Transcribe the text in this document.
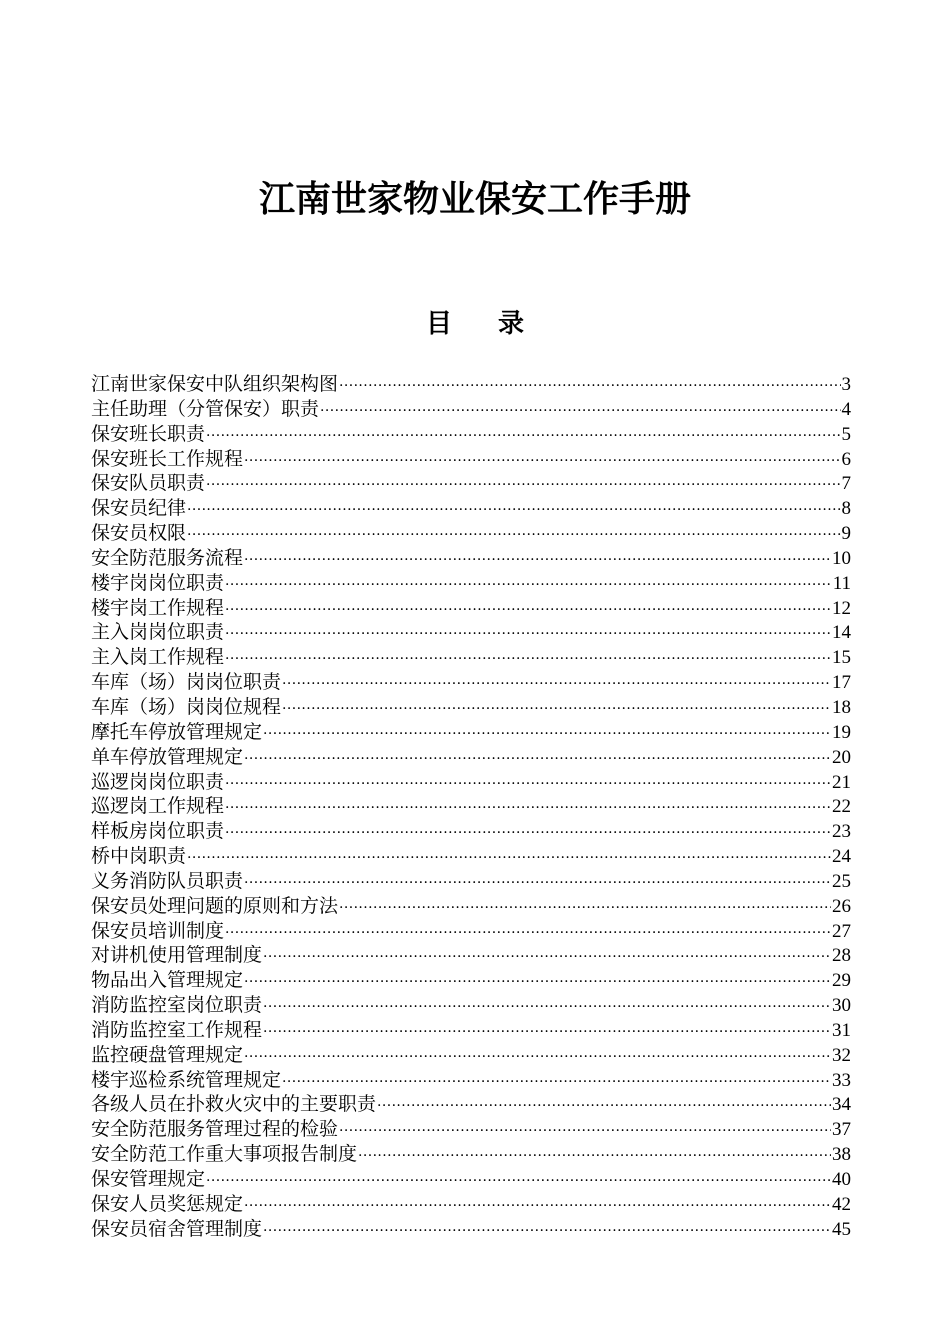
江南世家物业保安工作手册
目 录
江南世家保安中队组织架构图 ·····	3
主任助理（分管保安）职责 ·····	4
保安班长职责 ·····	5
保安班长工作规程 ·····	6
保安队员职责 ·····	7
保安员纪律 ·····	8
保安员权限 ·····	9
安全防范服务流程 ·····	10
楼宇岗岗位职责 ·····	11
楼宇岗工作规程 ·····	12
主入岗岗位职责 ·····	14
主入岗工作规程 ·····	15
车库（场）岗岗位职责 ·····	17
车库（场）岗岗位规程 ·····	18
摩托车停放管理规定 ·····	19
单车停放管理规定 ·····	20
巡逻岗岗位职责 ·····	21
巡逻岗工作规程 ·····	22
样板房岗位职责 ·····	23
桥中岗职责 ·····	24
义务消防队员职责 ·····	25
保安员处理问题的原则和方法 ·····	26
保安员培训制度 ·····	27
对讲机使用管理制度 ·····	28
物品出入管理规定 ·····	29
消防监控室岗位职责 ·····	30
消防监控室工作规程 ·····	31
监控硬盘管理规定 ·····	32
楼宇巡检系统管理规定 ·····	33
各级人员在扑救火灾中的主要职责 ·····	34
安全防范服务管理过程的检验 ·····	37
安全防范工作重大事项报告制度 ·····	38
保安管理规定 ·····	40
保安人员奖惩规定 ·····	42
保安员宿舍管理制度 ·····	45
